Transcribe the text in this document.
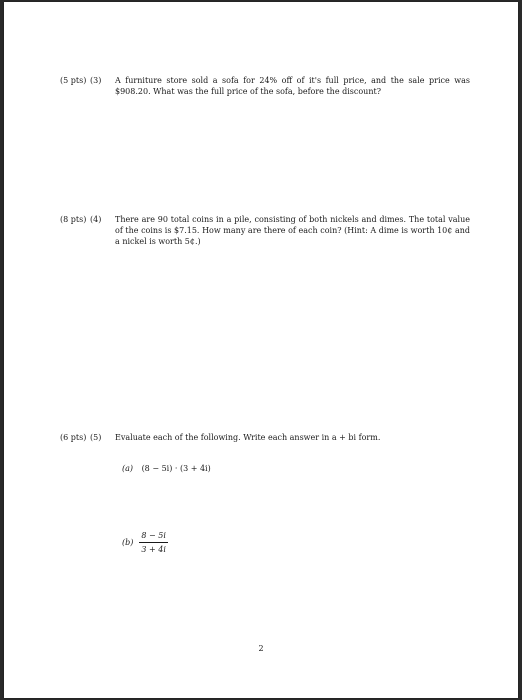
(5 pts) (3) A furniture store sold a sofa for 24% off of it's full price, and the sale price was $908.20. What was the full price of the sofa, before the discount?
(8 pts) (4) There are 90 total coins in a pile, consisting of both nickels and dimes. The total value of the coins is $7.15. How many are there of each coin? (Hint: A dime is worth 10¢ and a nickel is worth 5¢.)
(6 pts) (5) Evaluate each of the following. Write each answer in a + bi form.
(a) (8 − 5i) · (3 + 4i)
$(b) \frac{8 - 5i}{3 + 4i}$
2
